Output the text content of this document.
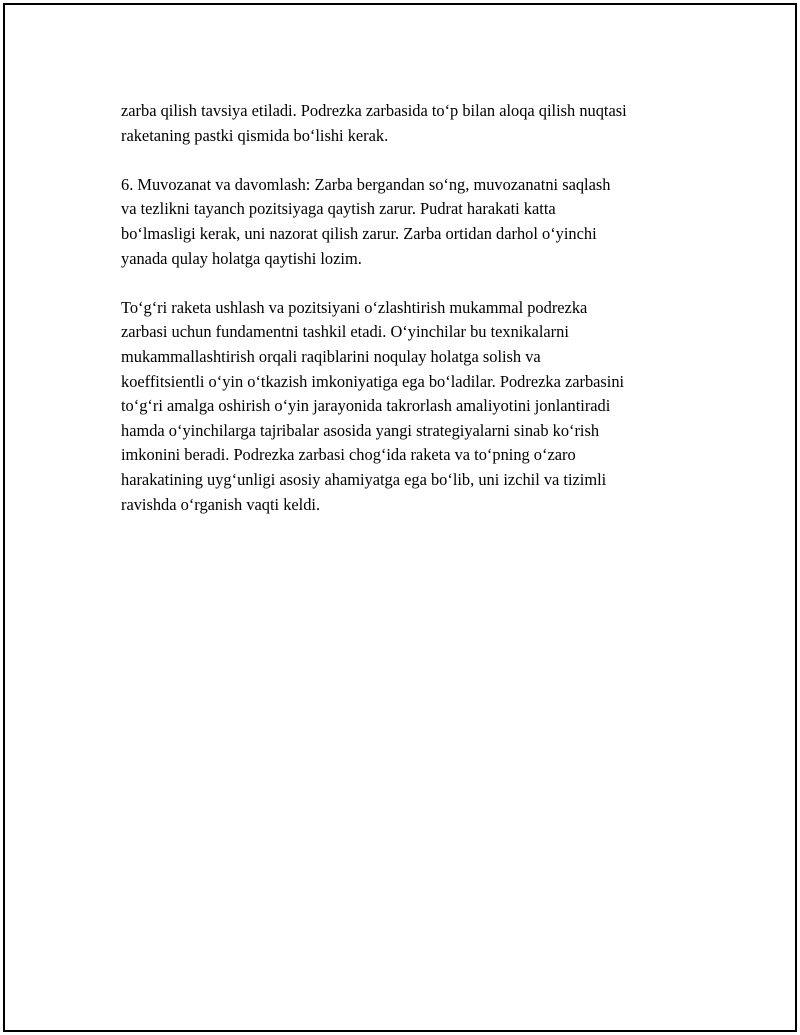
zarba qilish tavsiya etiladi. Podrezka zarbasida to‘p bilan aloqa qilish nuqtasi
raketaning pastki qismida bo‘lishi kerak.

6. Muvozanat va davomlash: Zarba bergandan so‘ng, muvozanatni saqlash
va tezlikni tayanch pozitsiyaga qaytish zarur. Pudrat harakati katta
bo‘lmasligi kerak, uni nazorat qilish zarur. Zarba ortidan darhol o‘yinchi
yanada qulay holatga qaytishi lozim.

To‘g‘ri raketa ushlash va pozitsiyani o‘zlashtirish mukammal podrezka
zarbasi uchun fundamentni tashkil etadi. O‘yinchilar bu texnikalarni
mukammallashtirish orqali raqiblarini noqulay holatga solish va
koeffitsientli o‘yin o‘tkazish imkoniyatiga ega bo‘ladilar. Podrezka zarbasini
to‘g‘ri amalga oshirish o‘yin jarayonida takrorlash amaliyotini jonlantiradi
hamda o‘yinchilarga tajribalar asosida yangi strategiyalarni sinab ko‘rish
imkonini beradi. Podrezka zarbasi chog‘ida raketa va to‘pning o‘zaro
harakatining uyg‘unligi asosiy ahamiyatga ega bo‘lib, uni izchil va tizimli
ravishda o‘rganish vaqti keldi.
